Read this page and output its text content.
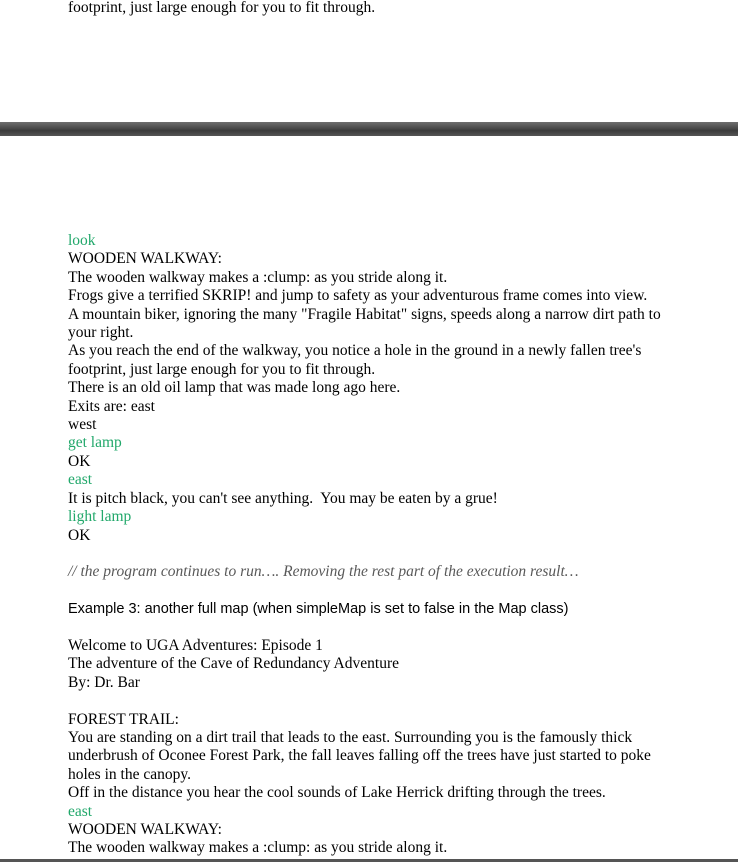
footprint, just large enough for you to fit through.
look
WOODEN WALKWAY:
The wooden walkway makes a :clump: as you stride along it.
Frogs give a terrified SKRIP! and jump to safety as your adventurous frame comes into view.
A mountain biker, ignoring the many "Fragile Habitat" signs, speeds along a narrow dirt path to
your right.
As you reach the end of the walkway, you notice a hole in the ground in a newly fallen tree's
footprint, just large enough for you to fit through.
There is an old oil lamp that was made long ago here.
Exits are: east
west
get lamp
OK
east
It is pitch black, you can't see anything.  You may be eaten by a grue!
light lamp
OK
// the program continues to run…. Removing the rest part of the execution result…
Example 3: another full map (when simpleMap is set to false in the Map class)
Welcome to UGA Adventures: Episode 1
The adventure of the Cave of Redundancy Adventure
By: Dr. Bar
FOREST TRAIL:
You are standing on a dirt trail that leads to the east. Surrounding you is the famously thick
underbrush of Oconee Forest Park, the fall leaves falling off the trees have just started to poke
holes in the canopy.
Off in the distance you hear the cool sounds of Lake Herrick drifting through the trees.
east
WOODEN WALKWAY:
The wooden walkway makes a :clump: as you stride along it.
